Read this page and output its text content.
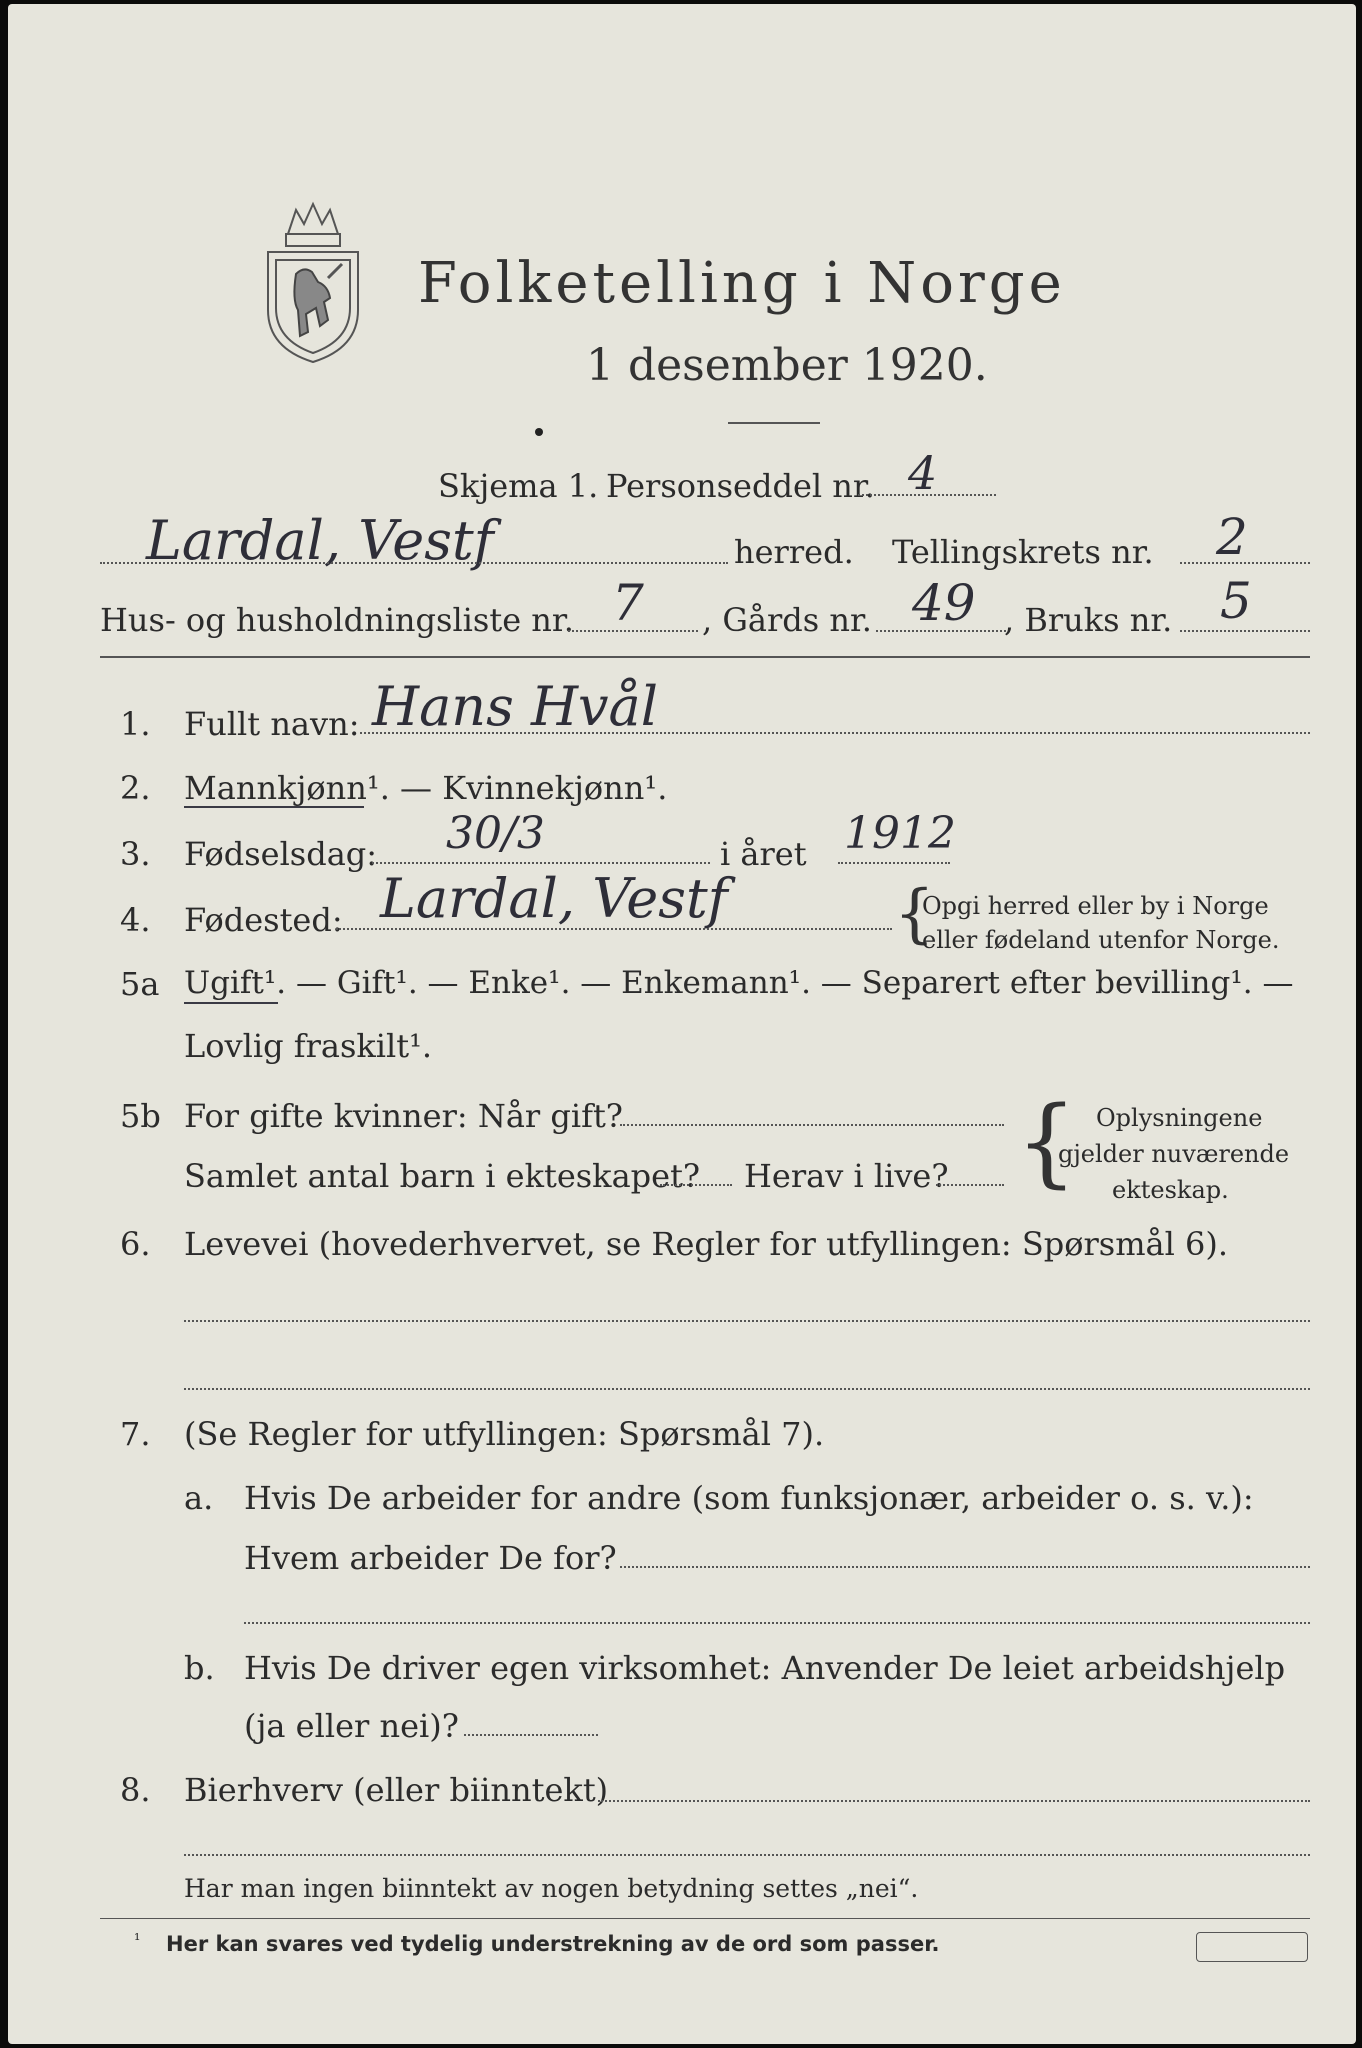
Folketelling i Norge
1 desember 1920.
Skjema 1. Personseddel nr. 4
Lardal, Vestf	herred. Tellingskrets nr. 2
Hus- og husholdningsliste nr. 7 , Gårds nr. 49 , Bruks nr. 5
1. Fullt navn: Hans Hvål
2. Mannkjønn¹. — Kvinnekjønn¹.
3. Fødselsdag: 30/3	i året 1912
4. Fødested: Lardal, Vestf	{
Opgi herred eller by i Norge
eller fødeland utenfor Norge.
5a Ugift¹. — Gift¹. — Enke¹. — Enkemann¹. — Separert efter bevilling¹. —
Lovlig fraskilt¹.
5b For gifte kvinner: Når gift?
Samlet antal barn i ekteskapet? Herav i live? { Oplysningene
gjelder nuværende
ekteskap.
6. Levevei (hovederhvervet, se Regler for utfyllingen: Spørsmål 6).
7. (Se Regler for utfyllingen: Spørsmål 7).
a. Hvis De arbeider for andre (som funksjonær, arbeider o. s. v.):
Hvem arbeider De for?
b. Hvis De driver egen virksomhet: Anvender De leiet arbeidshjelp
(ja eller nei)?
8. Bierhverv (eller biinntekt)
Har man ingen biinntekt av nogen betydning settes „nei“.
¹ Her kan svares ved tydelig understrekning av de ord som passer.
